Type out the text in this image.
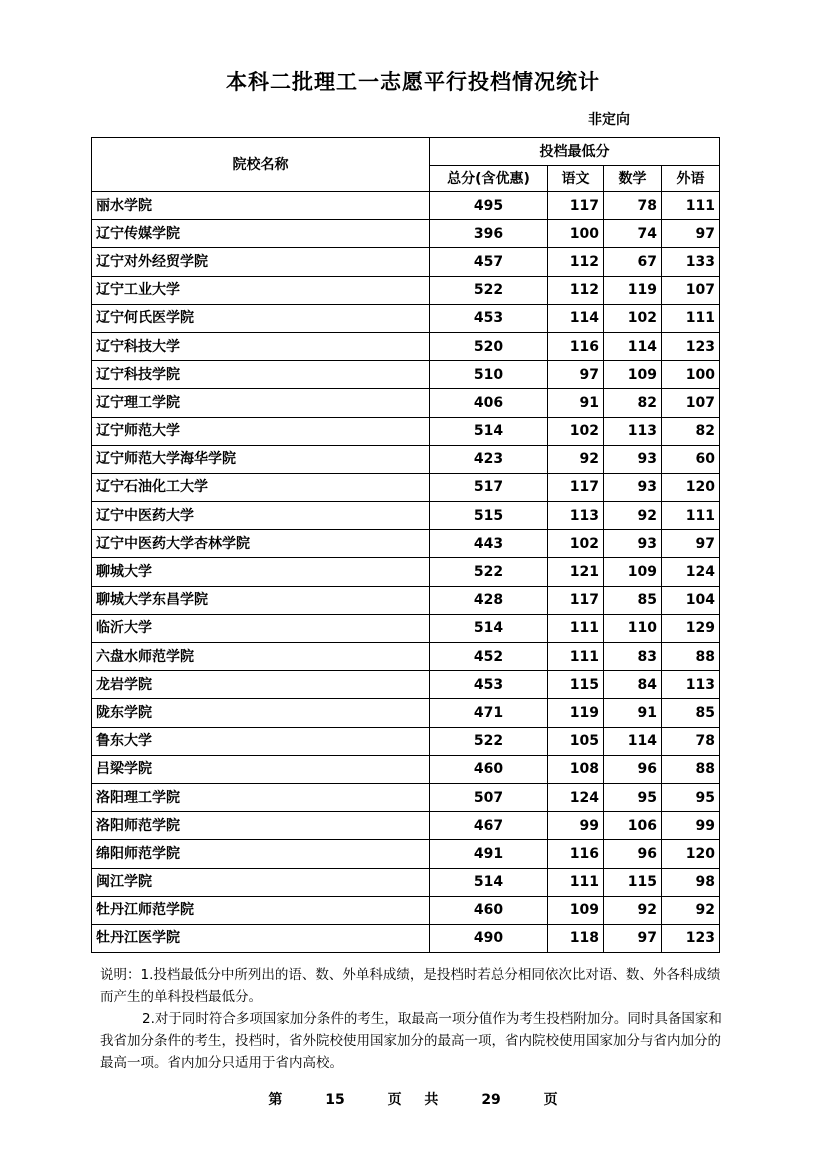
本科二批理工一志愿平行投档情况统计
非定向
院校名称	投档最低分			
	总分(含优惠)	语文	数学	外语
丽水学院	495	117	78	111
辽宁传媒学院	396	100	74	97
辽宁对外经贸学院	457	112	67	133
辽宁工业大学	522	112	119	107
辽宁何氏医学院	453	114	102	111
辽宁科技大学	520	116	114	123
辽宁科技学院	510	97	109	100
辽宁理工学院	406	91	82	107
辽宁师范大学	514	102	113	82
辽宁师范大学海华学院	423	92	93	60
辽宁石油化工大学	517	117	93	120
辽宁中医药大学	515	113	92	111
辽宁中医药大学杏林学院	443	102	93	97
聊城大学	522	121	109	124
聊城大学东昌学院	428	117	85	104
临沂大学	514	111	110	129
六盘水师范学院	452	111	83	88
龙岩学院	453	115	84	113
陇东学院	471	119	91	85
鲁东大学	522	105	114	78
吕梁学院	460	108	96	88
洛阳理工学院	507	124	95	95
洛阳师范学院	467	99	106	99
绵阳师范学院	491	116	96	120
闽江学院	514	111	115	98
牡丹江师范学院	460	109	92	92
牡丹江医学院	490	118	97	123

说明：1.投档最低分中所列出的语、数、外单科成绩，是投档时若总分相同依次比对语、数、外各科成绩而产生的单科投档最低分。

2.对于同时符合多项国家加分条件的考生，取最高一项分值作为考生投档附加分。同时具备国家和我省加分条件的考生，投档时，省外院校使用国家加分的最高一项，省内院校使用国家加分与省内加分的最高一项。省内加分只适用于省内高校。

第	15	页 共	29	页
